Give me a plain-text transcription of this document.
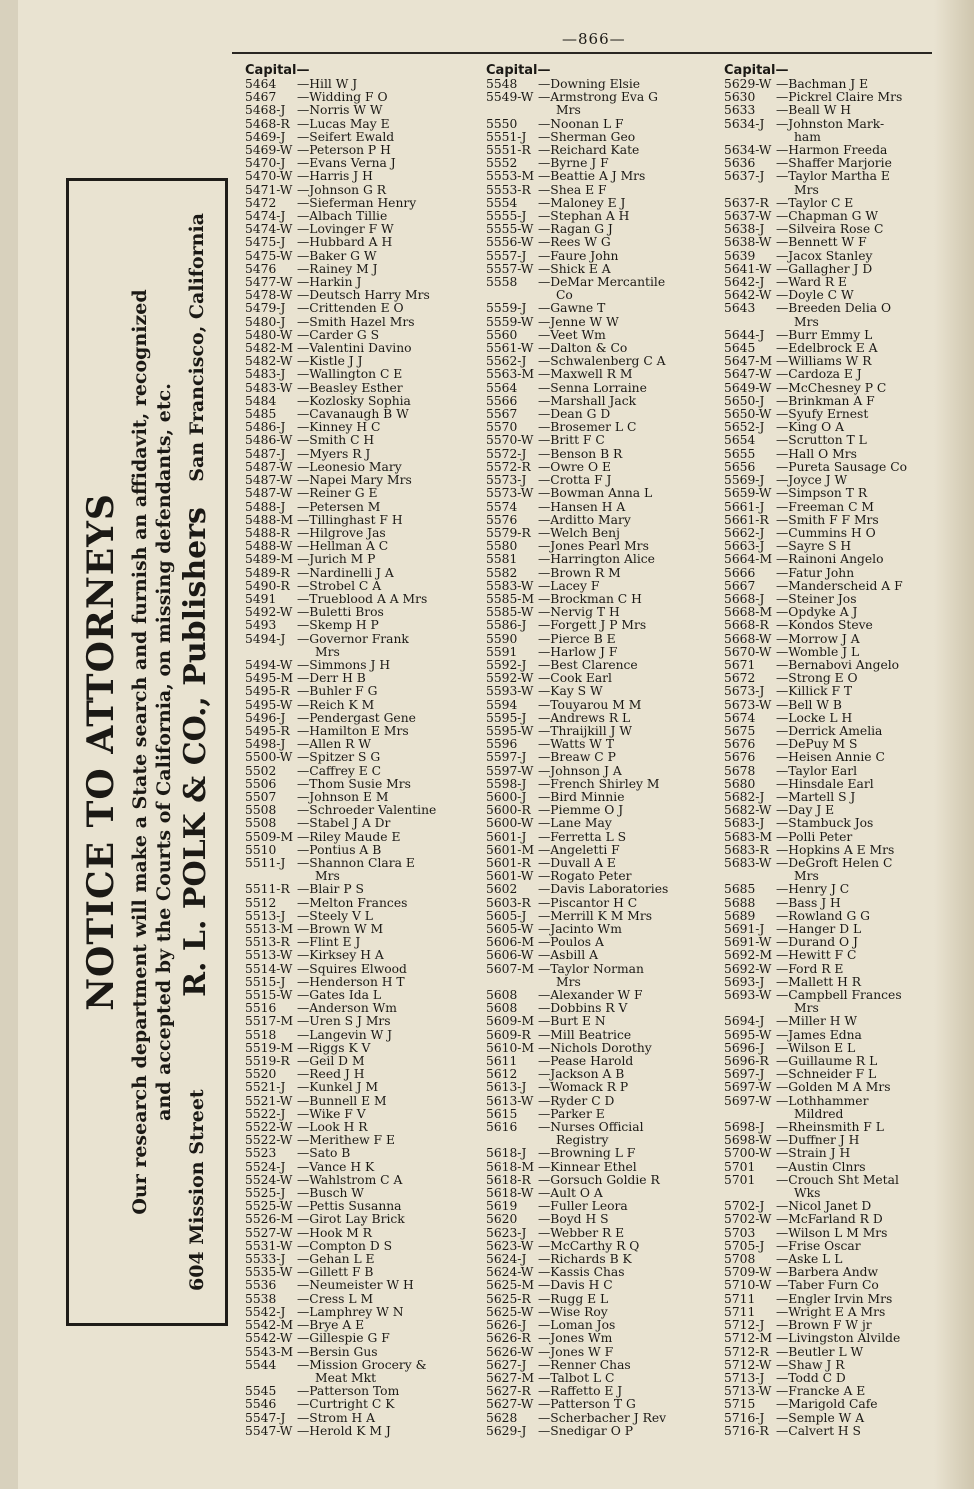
—866—
NOTICE TO ATTORNEYS Our research department will make a State search and furnish an affidavit, recognized and accepted by the Courts of California, on missing defendants, etc.
604 Mission Street
R. L. POLK & CO., Publishers
San Francisco, California
Capital—
5464 —Hill W J
5467 —Widding F O
5468-J —Norris W W
5468-R —Lucas May E
5469-J —Seifert Ewald
5469-W —Peterson P H
5470-J —Evans Verna J
5470-W —Harris J H
5471-W —Johnson G R
5472 —Sieferman Henry
5474-J —Albach Tillie
5474-W —Lovinger F W
5475-J —Hubbard A H
5475-W —Baker G W
5476 —Rainey M J
5477-W —Harkin J
5478-W —Deutsch Harry Mrs
5479-J —Crittenden E O
5480-J —Smith Hazel Mrs
5480-W —Carder G S
5482-M —Valentini Davino
5482-W —Kistle J J
5483-J —Wallington C E
5483-W —Beasley Esther
5484 —Kozlosky Sophia
5485 —Cavanaugh B W
5486-J —Kinney H C
5486-W —Smith C H
5487-J —Myers R J
5487-W —Leonesio Mary
5487-W —Napei Mary Mrs
5487-W —Reiner G E
5488-J —Petersen M
5488-M —Tillinghast F H
5488-R —Hilgrove Jas
5488-W —Hellman A C
5489-M —Jurich M P
5489-R —Nardinelli J A
5490-R —Strobel C A
5491 —Trueblood A A Mrs
5492-W —Buletti Bros
5493 —Skemp H P
5494-J —Governor Frank
Mrs
5494-W —Simmons J H
5495-M —Derr H B
5495-R —Buhler F G
5495-W —Reich K M
5496-J —Pendergast Gene
5495-R —Hamilton E Mrs
5498-J —Allen R W
5500-W —Spitzer S G
5502 —Caffrey E C
5506 —Thom Susie Mrs
5507 —Johnson E M
5508 —Schroeder Valentine
5508 —Stabel J A Dr
5509-M —Riley Maude E
5510 —Pontius A B
5511-J —Shannon Clara E
Mrs
5511-R —Blair P S
5512 —Melton Frances
5513-J —Steely V L
5513-M —Brown W M
5513-R —Flint E J
5513-W —Kirksey H A
5514-W —Squires Elwood
5515-J —Henderson H T
5515-W —Gates Ida L
5516 —Anderson Wm
5517-M —Uren S J Mrs
5518 —Langevin W J
5519-M —Riggs K V
5519-R —Geil D M
5520 —Reed J H
5521-J —Kunkel J M
5521-W —Bunnell E M
5522-J —Wike F V
5522-W —Look H R
5522-W —Merithew F E
5523 —Sato B
5524-J —Vance H K
5524-W —Wahlstrom C A
5525-J —Busch W
5525-W —Pettis Susanna
5526-M —Girot Lay Brick
5527-W —Hook M R
5531-W —Compton D S
5533-J —Gehan L E
5535-W —Gillett F B
5536 —Neumeister W H
5538 —Cress L M
5542-J —Lamphrey W N
5542-M —Brye A E
5542-W —Gillespie G F
5543-M —Bersin Gus
5544 —Mission Grocery &
Meat Mkt
5545 —Patterson Tom
5546 —Curtright C K
5547-J —Strom H A
5547-W —Herold K M J
Capital—
5548 —Downing Elsie
5549-W —Armstrong Eva G
Mrs
5550 —Noonan L F
5551-J —Sherman Geo
5551-R —Reichard Kate
5552 —Byrne J F
5553-M —Beattie A J Mrs
5553-R —Shea E F
5554 —Maloney E J
5555-J —Stephan A H
5555-W —Ragan G J
5556-W —Rees W G
5557-J —Faure John
5557-W —Shick E A
5558 —DeMar Mercantile
Co
5559-J —Gawne T
5559-W —Jenne W W
5560 —Veet Wm
5561-W —Dalton & Co
5562-J —Schwalenberg C A
5563-M —Maxwell R M
5564 —Senna Lorraine
5566 —Marshall Jack
5567 —Dean G D
5570 —Brosemer L C
5570-W —Britt F C
5572-J —Benson B R
5572-R —Owre O E
5573-J —Crotta F J
5573-W —Bowman Anna L
5574 —Hansen H A
5576 —Arditto Mary
5579-R —Welch Benj
5580 —Jones Pearl Mrs
5581 —Harrington Alice
5582 —Brown R M
5583-W —Lacey F
5585-M —Brockman C H
5585-W —Nervig T H
5586-J —Forgett J P Mrs
5590 —Pierce B E
5591 —Harlow J F
5592-J —Best Clarence
5592-W —Cook Earl
5593-W —Kay S W
5594 —Touyarou M M
5595-J —Andrews R L
5595-W —Thraijkill J W
5596 —Watts W T
5597-J —Breaw C P
5597-W —Johnson J A
5598-J —French Shirley M
5600-J —Bird Minnie
5600-R —Piemme O J
5600-W —Lane May
5601-J —Ferretta L S
5601-M —Angeletti F
5601-R —Duvall A E
5601-W —Rogato Peter
5602 —Davis Laboratories
5603-R —Piscantor H C
5605-J —Merrill K M Mrs
5605-W —Jacinto Wm
5606-M —Poulos A
5606-W —Asbill A
5607-M —Taylor Norman
Mrs
5608 —Alexander W F
5608 —Dobbins R V
5609-M —Burt E N
5609-R —Mill Beatrice
5610-M —Nichols Dorothy
5611 —Pease Harold
5612 —Jackson A B
5613-J —Womack R P
5613-W —Ryder C D
5615 —Parker E
5616 —Nurses Official
Registry
5618-J —Browning L F
5618-M —Kinnear Ethel
5618-R —Gorsuch Goldie R
5618-W —Ault O A
5619 —Fuller Leora
5620 —Boyd H S
5623-J —Webber R E
5623-W —McCarthy R Q
5624-J —Richards B K
5624-W —Kassis Chas
5625-M —Davis H C
5625-R —Rugg E L
5625-W —Wise Roy
5626-J —Loman Jos
5626-R —Jones Wm
5626-W —Jones W F
5627-J —Renner Chas
5627-M —Talbot L C
5627-R —Raffetto E J
5627-W —Patterson T G
5628 —Scherbacher J Rev
5629-J —Snedigar O P
Capital—
5629-W —Bachman J E
5630 —Pickrel Claire Mrs
5633 —Beall W H
5634-J —Johnston Mark-
ham
5634-W —Harmon Freeda
5636 —Shaffer Marjorie
5637-J —Taylor Martha E
Mrs
5637-R —Taylor C E
5637-W —Chapman G W
5638-J —Silveira Rose C
5638-W —Bennett W F
5639 —Jacox Stanley
5641-W —Gallagher J D
5642-J —Ward R E
5642-W —Doyle C W
5643 —Breeden Delia O
Mrs
5644-J —Burr Emmy L
5645 —Edelbrock E A
5647-M —Williams W R
5647-W —Cardoza E J
5649-W —McChesney P C
5650-J —Brinkman A F
5650-W —Syufy Ernest
5652-J —King O A
5654 —Scrutton T L
5655 —Hall O Mrs
5656 —Pureta Sausage Co
5569-J —Joyce J W
5659-W —Simpson T R
5661-J —Freeman C M
5661-R —Smith F F Mrs
5662-J —Cummins H O
5663-J —Sayre S H
5664-M —Rainoni Angelo
5666 —Fatur John
5667 —Manderscheid A F
5668-J —Steiner Jos
5668-M —Opdyke A J
5668-R —Kondos Steve
5668-W —Morrow J A
5670-W —Womble J L
5671 —Bernabovi Angelo
5672 —Strong E O
5673-J —Killick F T
5673-W —Bell W B
5674 —Locke L H
5675 —Derrick Amelia
5676 —DePuy M S
5676 —Heisen Annie C
5678 —Taylor Earl
5680 —Hinsdale Earl
5682-J —Martell S J
5682-W —Day J E
5683-J —Stambuck Jos
5683-M —Polli Peter
5683-R —Hopkins A E Mrs
5683-W —DeGroft Helen C
Mrs
5685 —Henry J C
5688 —Bass J H
5689 —Rowland G G
5691-J —Hanger D L
5691-W —Durand O J
5692-M —Hewitt F C
5692-W —Ford R E
5693-J —Mallett H R
5693-W —Campbell Frances
Mrs
5694-J —Miller H W
5695-W —James Edna
5696-J —Wilson E L
5696-R —Guillaume R L
5697-J —Schneider F L
5697-W —Golden M A Mrs
5697-W —Lothhammer
Mildred
5698-J —Rheinsmith F L
5698-W —Duffner J H
5700-W —Strain J H
5701 —Austin Clnrs
5701 —Crouch Sht Metal
Wks
5702-J —Nicol Janet D
5702-W —McFarland R D
5703 —Wilson L M Mrs
5705-J —Frise Oscar
5708 —Aske L L
5709-W —Barbera Andw
5710-W —Taber Furn Co
5711 —Engler Irvin Mrs
5711 —Wright E A Mrs
5712-J —Brown F W jr
5712-M —Livingston Alvilde
5712-R —Beutler L W
5712-W —Shaw J R
5713-J —Todd C D
5713-W —Francke A E
5715 —Marigold Cafe
5716-J —Semple W A
5716-R —Calvert H S
